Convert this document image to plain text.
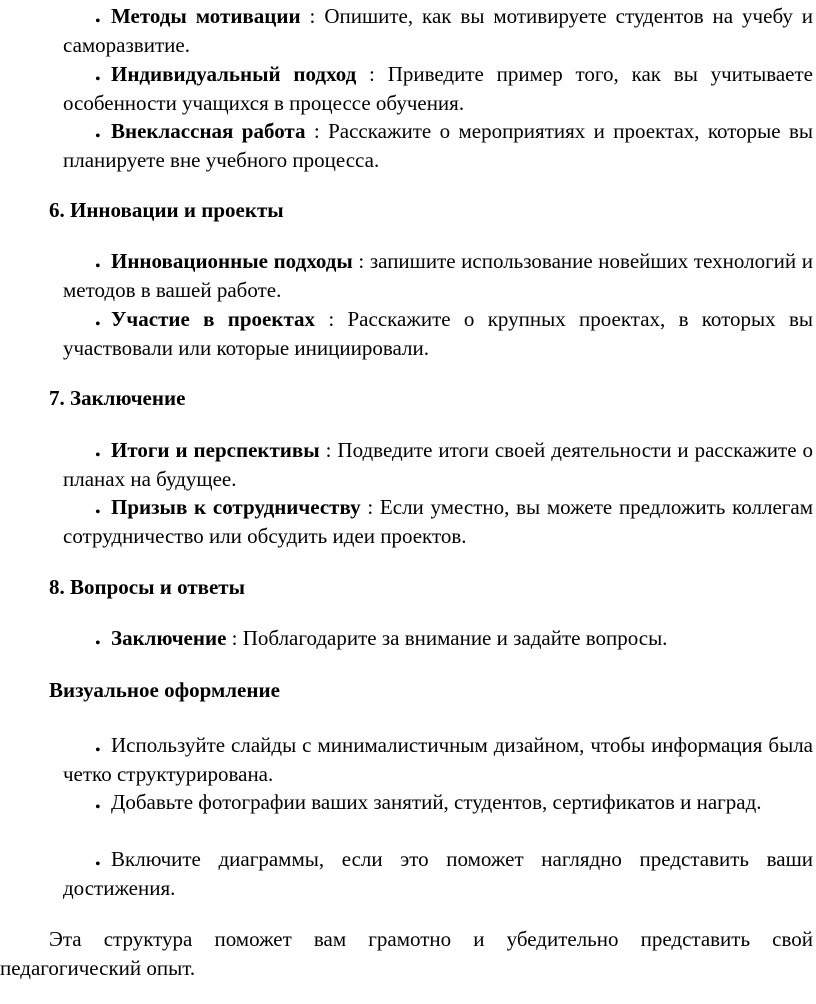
• Методы мотивации : Опишите, как вы мотивируете студентов на учебу и саморазвитие.

• Индивидуальный подход : Приведите пример того, как вы учитываете особенности учащихся в процессе обучения.

• Внеклассная работа : Расскажите о мероприятиях и проектах, которые вы планируете вне учебного процесса.

6. Инновации и проекты

• Инновационные подходы : запишите использование новейших технологий и методов в вашей работе.

• Участие в проектах : Расскажите о крупных проектах, в которых вы участвовали или которые инициировали.

7. Заключение

• Итоги и перспективы : Подведите итоги своей деятельности и расскажите о планах на будущее.

• Призыв к сотрудничеству : Если уместно, вы можете предложить коллегам сотрудничество или обсудить идеи проектов.

8. Вопросы и ответы

• Заключение : Поблагодарите за внимание и задайте вопросы.

Визуальное оформление

• Используйте слайды с минималистичным дизайном, чтобы информация была четко структурирована.

• Добавьте фотографии ваших занятий, студентов, сертификатов и наград.

• Включите диаграммы, если это поможет наглядно представить ваши достижения.

Эта структура поможет вам грамотно и убедительно представить свой педагогический опыт.
